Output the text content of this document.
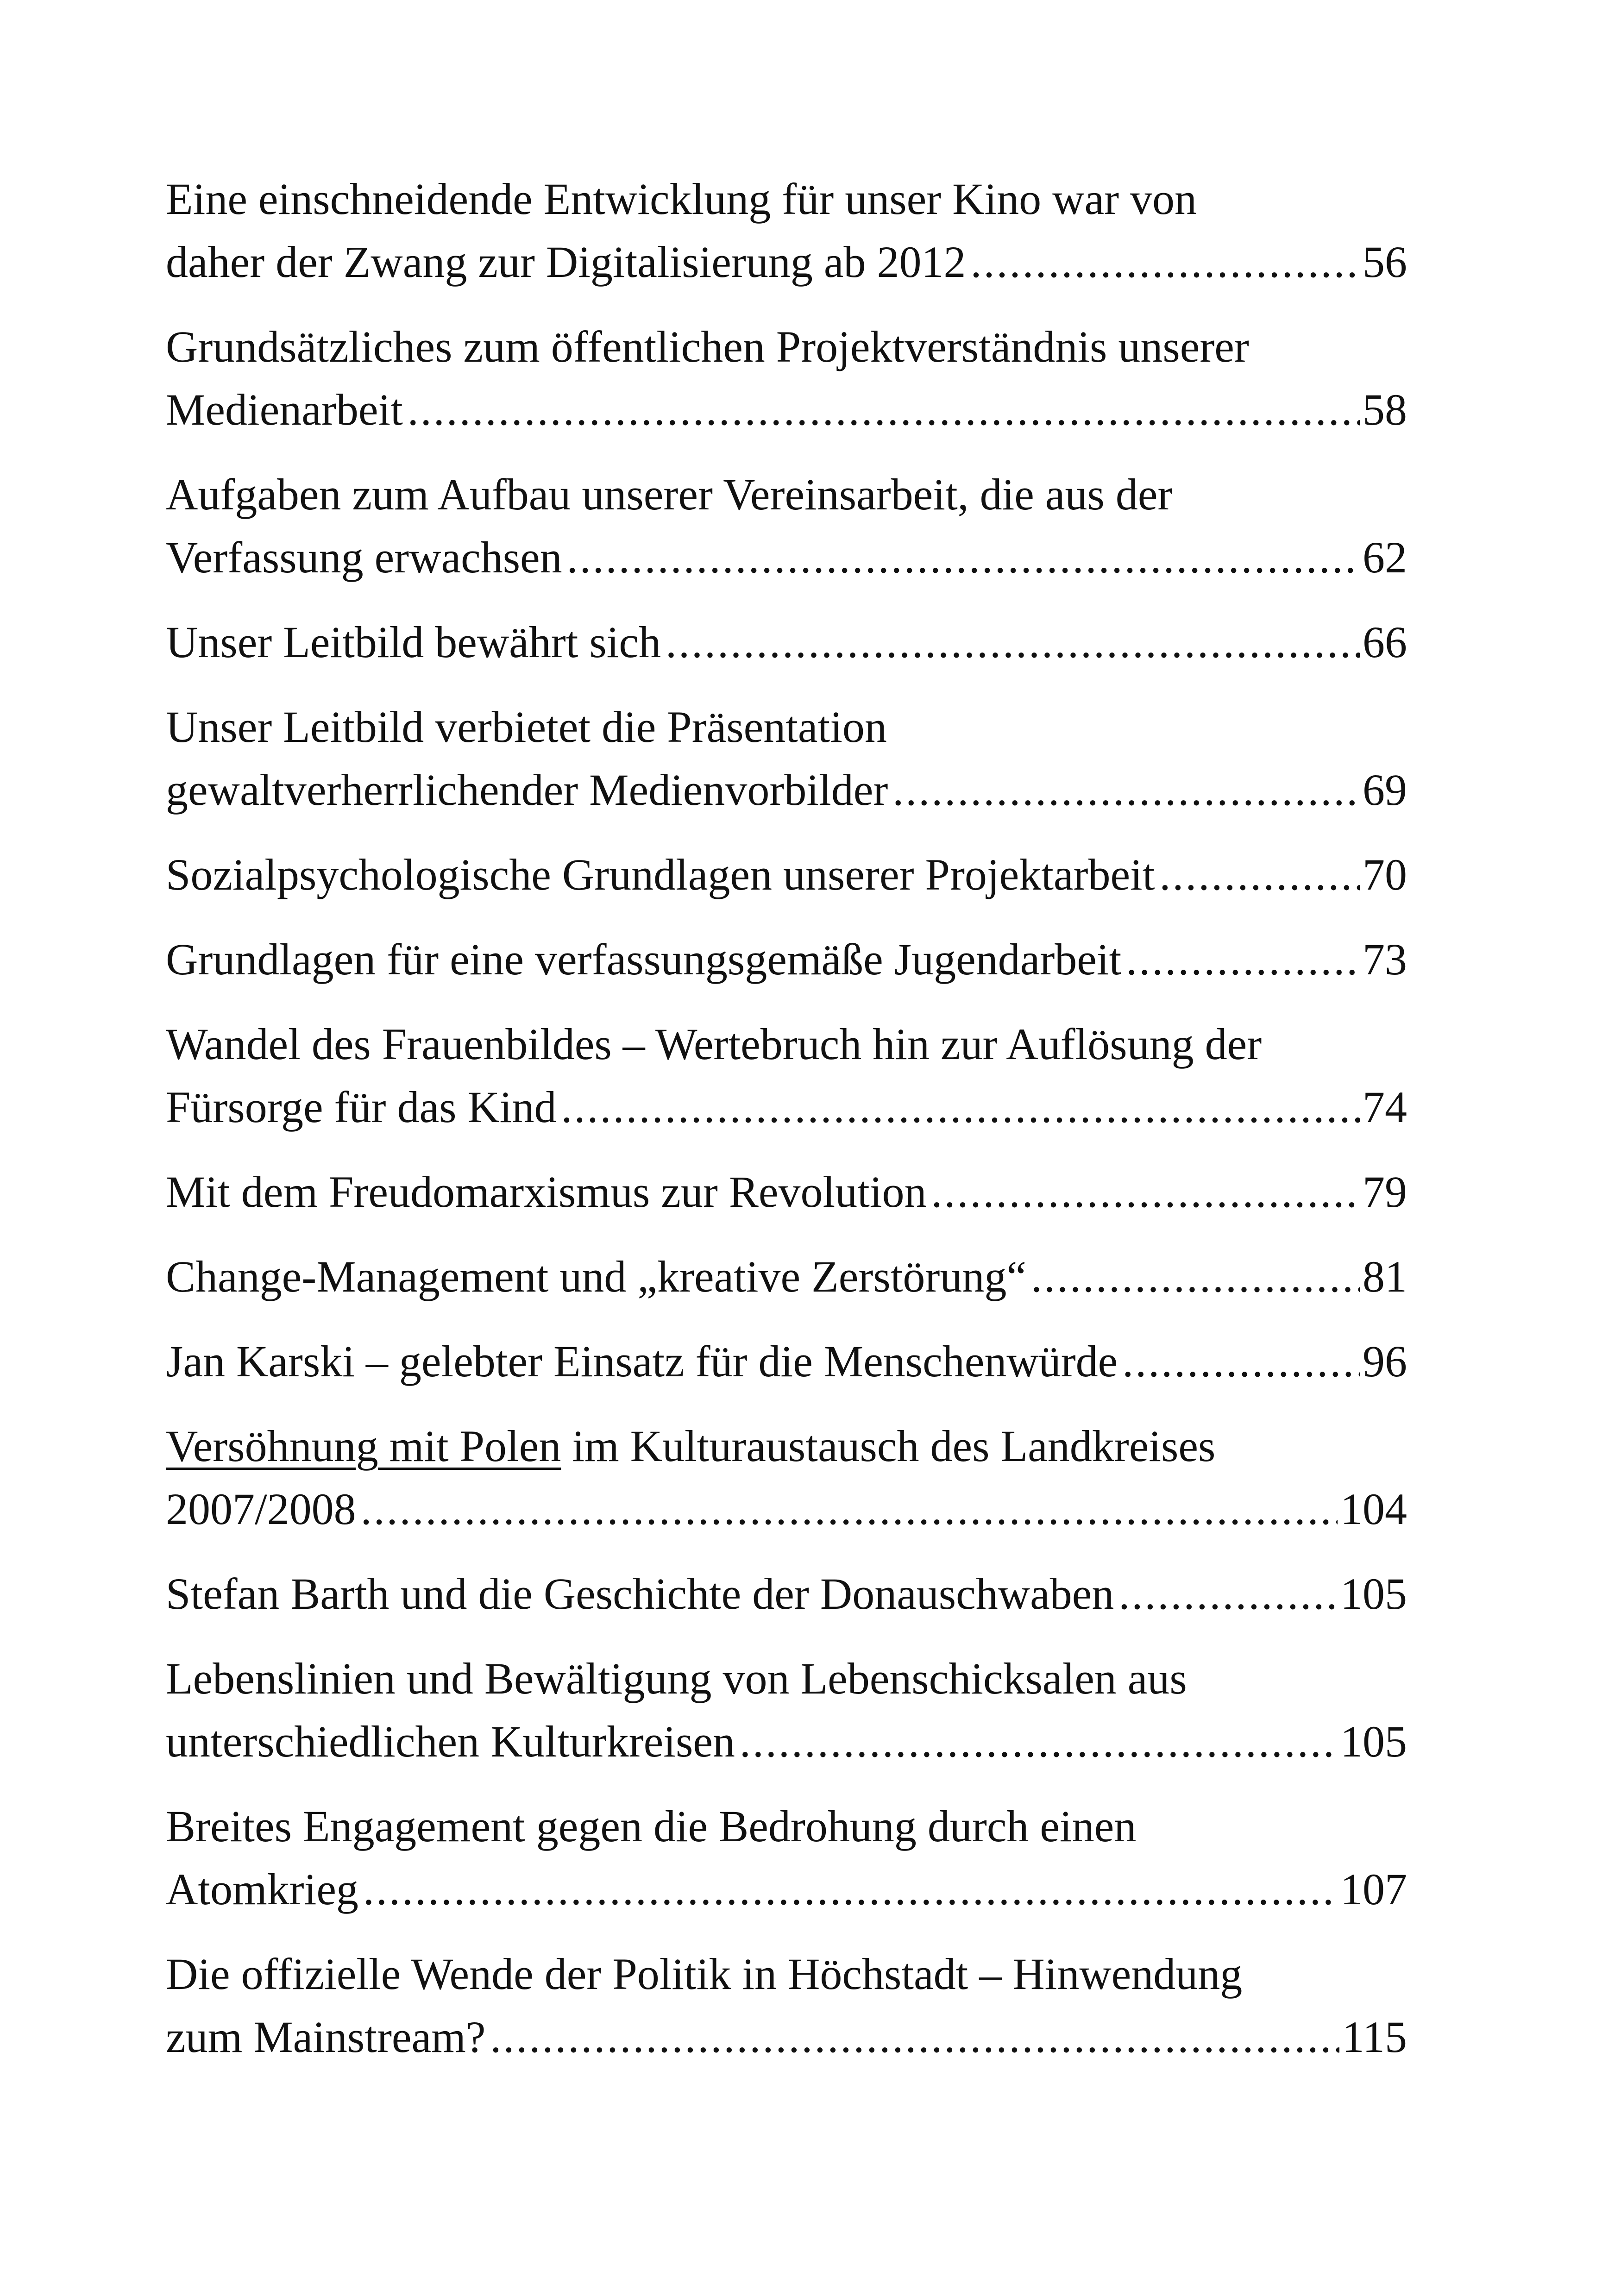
Eine einschneidende Entwicklung für unser Kino war von
daher der Zwang zur Digitalisierung ab 2012 .....	56
Grundsätzliches zum öffentlichen Projektverständnis unserer
Medienarbeit .....	58
Aufgaben zum Aufbau unserer Vereinsarbeit, die aus der
Verfassung erwachsen .....	62
Unser Leitbild bewährt sich .....	66
Unser Leitbild verbietet die Präsentation
gewaltverherrlichender Medienvorbilder .....	69
Sozialpsychologische Grundlagen unserer Projektarbeit .....	70
Grundlagen für eine verfassungsgemäße Jugendarbeit .....	73
Wandel des Frauenbildes – Wertebruch hin zur Auflösung der
Fürsorge für das Kind .....	74
Mit dem Freudomarxismus zur Revolution .....	79
Change-Management und „kreative Zerstörung“ .....	81
Jan Karski – gelebter Einsatz für die Menschenwürde .....	96
Versöhnung mit Polen im Kulturaustausch des Landkreises
2007/2008 .....	104
Stefan Barth und die Geschichte der Donauschwaben .....	105
Lebenslinien und Bewältigung von Lebenschicksalen aus
unterschiedlichen Kulturkreisen .....	105
Breites Engagement gegen die Bedrohung durch einen
Atomkrieg .....	107
Die offizielle Wende der Politik in Höchstadt – Hinwendung
zum Mainstream? .....	115
